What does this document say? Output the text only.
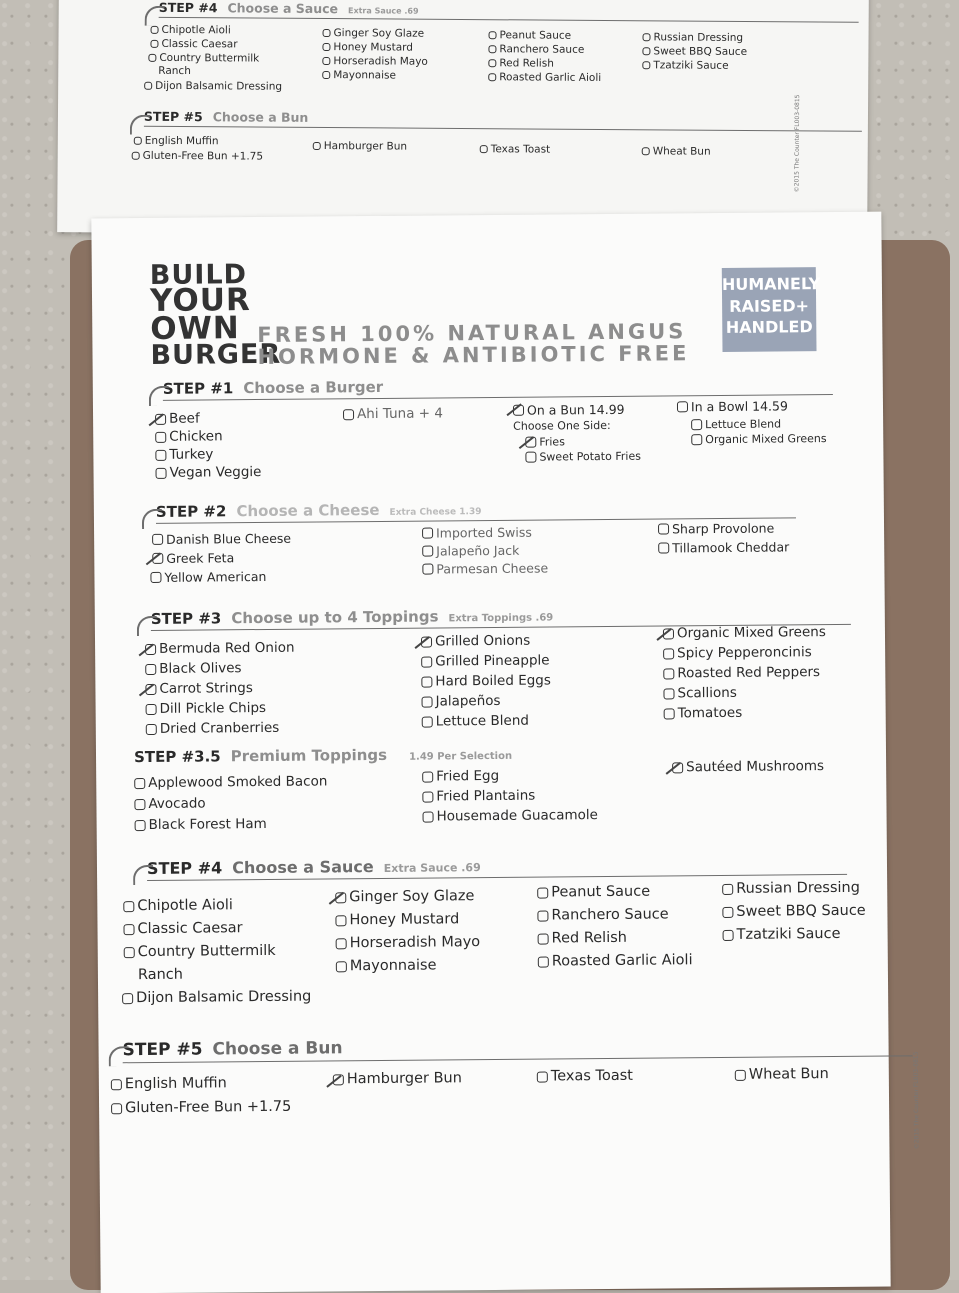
STEP #4 Choose a Sauce Extra Sauce .69
Chipotle Aioli
Classic Caesar
Country Buttermilk
Ranch
Dijon Balsamic Dressing
Ginger Soy Glaze
Honey Mustard
Horseradish Mayo
Mayonnaise
Peanut Sauce
Ranchero Sauce
Red Relish
Roasted Garlic Aioli
Russian Dressing
Sweet BBQ Sauce
Tzatziki Sauce
STEP #5 Choose a Bun
English Muffin
Gluten-Free Bun +1.75
Hamburger Bun	Texas Toast	Wheat Bun	©2015 The Counter FL003-0815
BUILD
YOUR
OWN
BURGER
FRESH 100% NATURAL ANGUS
HORMONE & ANTIBIOTIC FREE
HUMANELY
RAISED+
HANDLED
STEP #1 Choose a Burger
Beef
Chicken
Turkey
Vegan Veggie
Ahi Tuna + 4	On a Bun 14.99
Choose One Side:
Fries
Sweet Potato Fries
In a Bowl 14.59
Lettuce Blend
Organic Mixed Greens
STEP #2 Choose a Cheese Extra Cheese 1.39
Danish Blue Cheese
Greek Feta
Yellow American
Imported Swiss
Jalapeño Jack
Parmesan Cheese
Sharp Provolone
Tillamook Cheddar
STEP #3 Choose up to 4 Toppings Extra Toppings .69
Bermuda Red Onion
Black Olives
Carrot Strings
Dill Pickle Chips
Dried Cranberries
Grilled Onions
Grilled Pineapple
Hard Boiled Eggs
Jalapeños
Lettuce Blend
Organic Mixed Greens
Spicy Pepperoncinis
Roasted Red Peppers
Scallions
Tomatoes
STEP #3.5 Premium Toppings 1.49 Per Selection
Applewood Smoked Bacon
Avocado
Black Forest Ham
Fried Egg
Fried Plantains
Housemade Guacamole
Sautéed Mushrooms
STEP #4 Choose a Sauce Extra Sauce .69
Chipotle Aioli
Classic Caesar
Country Buttermilk
Ranch
Dijon Balsamic Dressing
Ginger Soy Glaze
Honey Mustard
Horseradish Mayo
Mayonnaise
Peanut Sauce
Ranchero Sauce
Red Relish
Roasted Garlic Aioli
Russian Dressing
Sweet BBQ Sauce
Tzatziki Sauce
STEP #5 Choose a Bun
English Muffin
Gluten-Free Bun +1.75
Hamburger Bun	Texas Toast	Wheat Bun	©2015 The Counter FL003-0815
